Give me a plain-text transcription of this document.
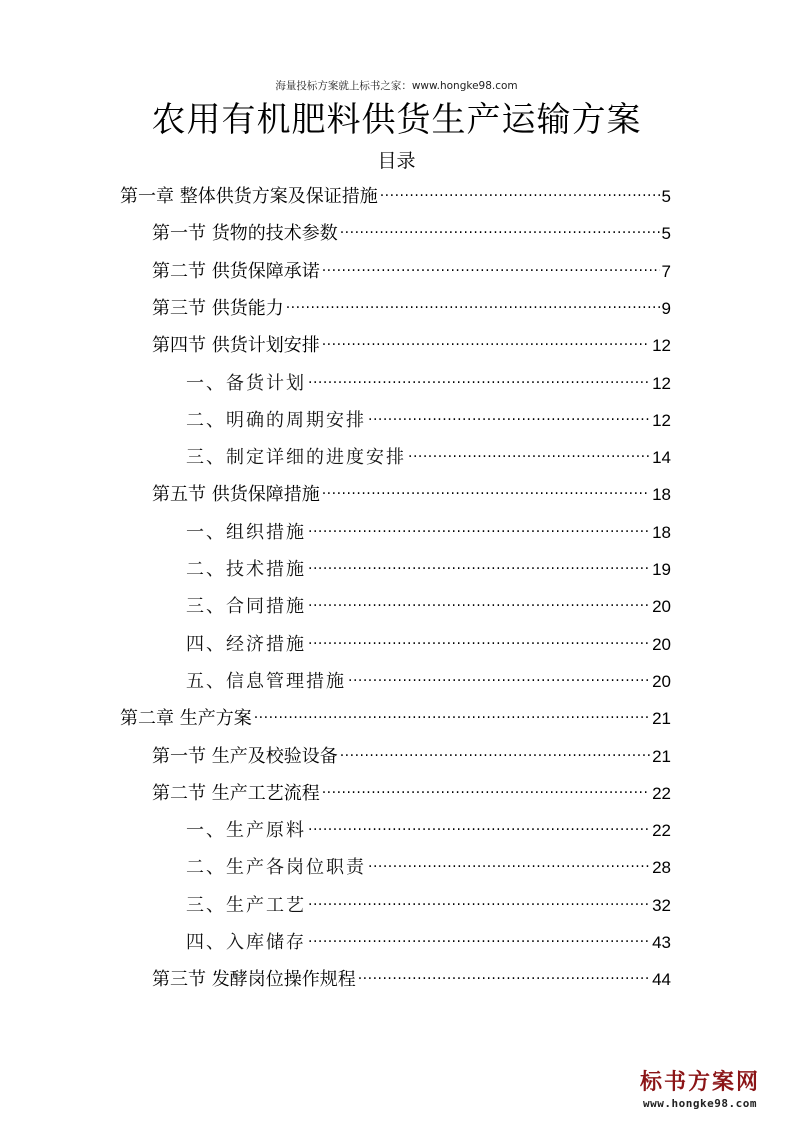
海量投标方案就上标书之家：www.hongke98.com
农用有机肥料供货生产运输方案
目录
第一章 整体供货方案及保证措施 .....	5
第一节 货物的技术参数 .....	5
第二节 供货保障承诺 .....	7
第三节 供货能力 .....	9
第四节 供货计划安排 .....	12
一、备货计划 .....	12
二、明确的周期安排 .....	12
三、制定详细的进度安排 .....	14
第五节 供货保障措施 .....	18
一、组织措施 .....	18
二、技术措施 .....	19
三、合同措施 .....	20
四、经济措施 .....	20
五、信息管理措施 .....	20
第二章 生产方案 .....	21
第一节 生产及校验设备 .....	21
第二节 生产工艺流程 .....	22
一、生产原料 .....	22
二、生产各岗位职责 .....	28
三、生产工艺 .....	32
四、入库储存 .....	43
第三节 发酵岗位操作规程 .....	44
标书方案网
www.hongke98.com
